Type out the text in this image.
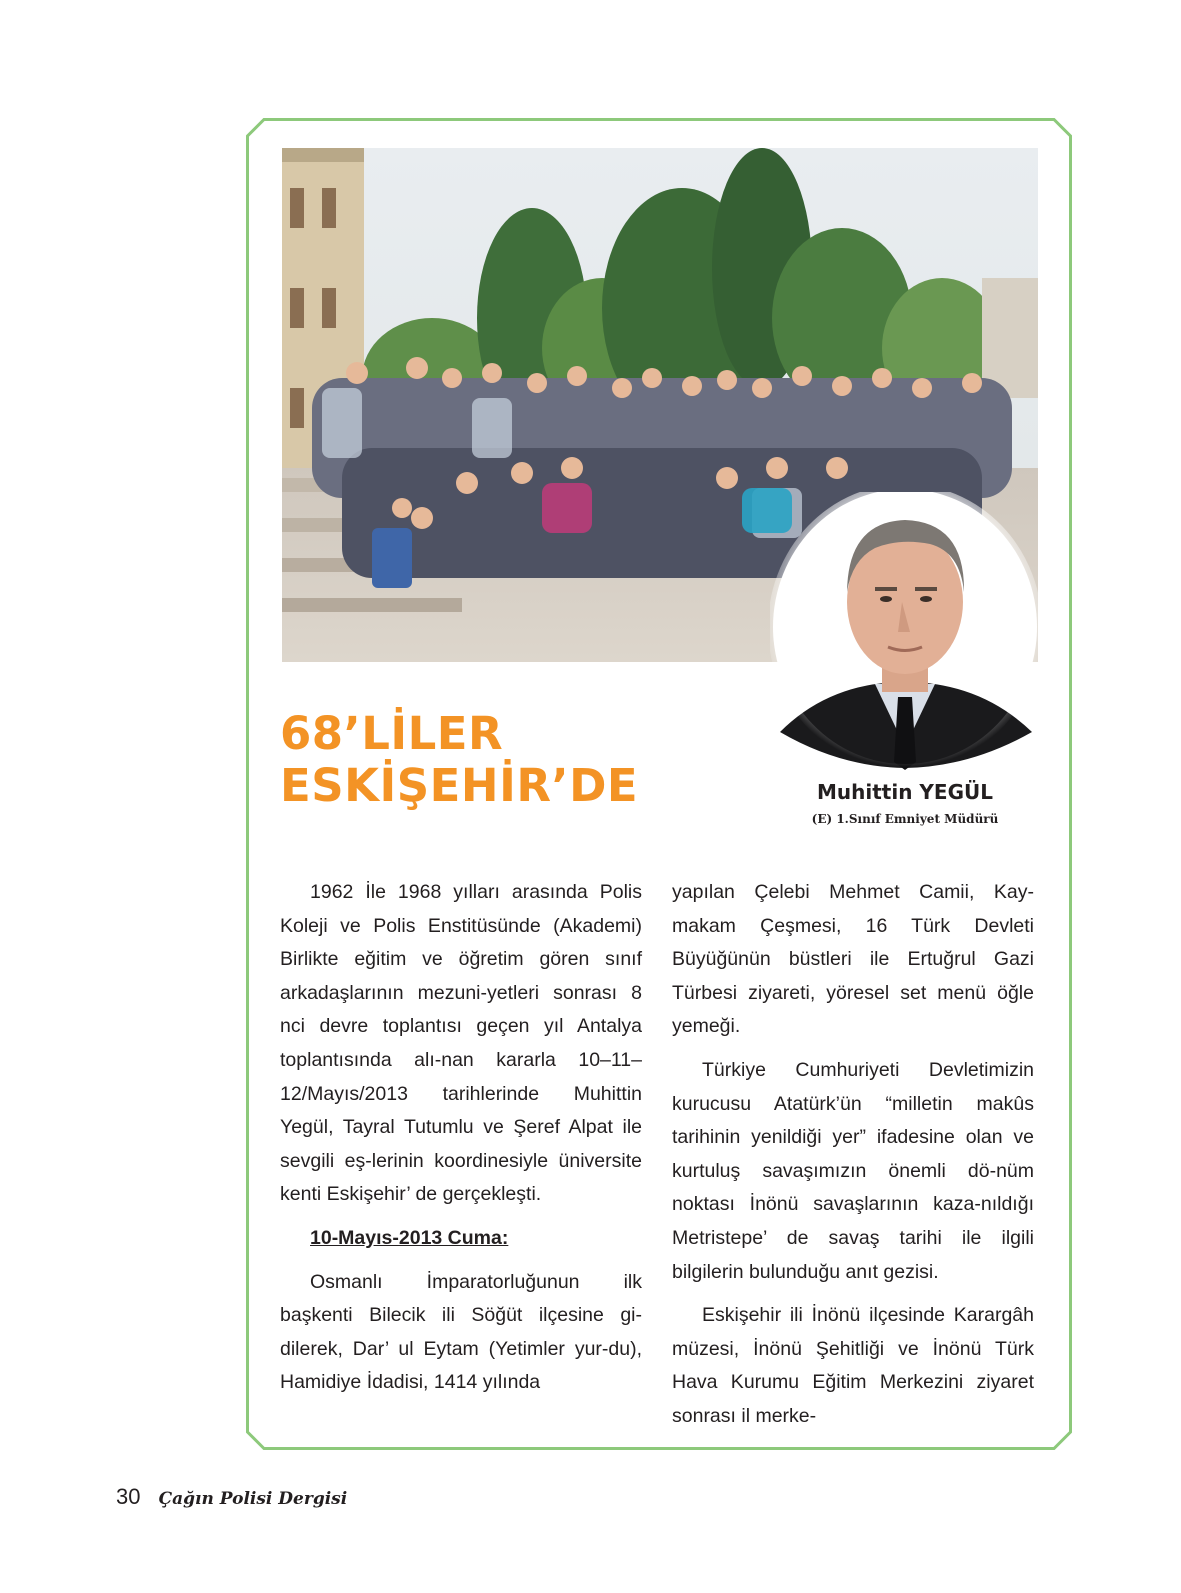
68’LİLER
ESKİŞEHİR’DE	Muhittin YEGÜL
(E) 1.Sınıf Emniyet Müdürü

1962 İle 1968 yılları arasında Polis Koleji ve Polis Enstitüsünde (Akademi) Birlikte eğitim ve öğretim gören sınıf arkadaşlarının mezuni-yetleri sonrası 8 nci devre toplantısı geçen yıl Antalya toplantısında alı-nan kararla 10–11–12/Mayıs/2013 tarihlerinde Muhittin Yegül, Tayral Tutumlu ve Şeref Alpat ile sevgili eş-lerinin koordinesiyle üniversite kenti Eskişehir’ de gerçekleşti.

10-Mayıs-2013 Cuma:

Osmanlı İmparatorluğunun ilk başkenti Bilecik ili Söğüt ilçesine gi-dilerek, Dar’ ul Eytam (Yetimler yur-du), Hamidiye İdadisi, 1414 yılında

yapılan Çelebi Mehmet Camii, Kay-makam Çeşmesi, 16 Türk Devleti Büyüğünün büstleri ile Ertuğrul Gazi Türbesi ziyareti, yöresel set menü öğle yemeği.

Türkiye Cumhuriyeti Devletimizin kurucusu Atatürk’ün “milletin makûs tarihinin yenildiği yer” ifadesine olan ve kurtuluş savaşımızın önemli dö-nüm noktası İnönü savaşlarının kaza-nıldığı Metristepe’ de savaş tarihi ile ilgili bilgilerin bulunduğu anıt gezisi.

Eskişehir ili İnönü ilçesinde Karargâh müzesi, İnönü Şehitliği ve İnönü Türk Hava Kurumu Eğitim Merkezini ziyaret sonrası il merke-

30 Çağın Polisi Dergisi
